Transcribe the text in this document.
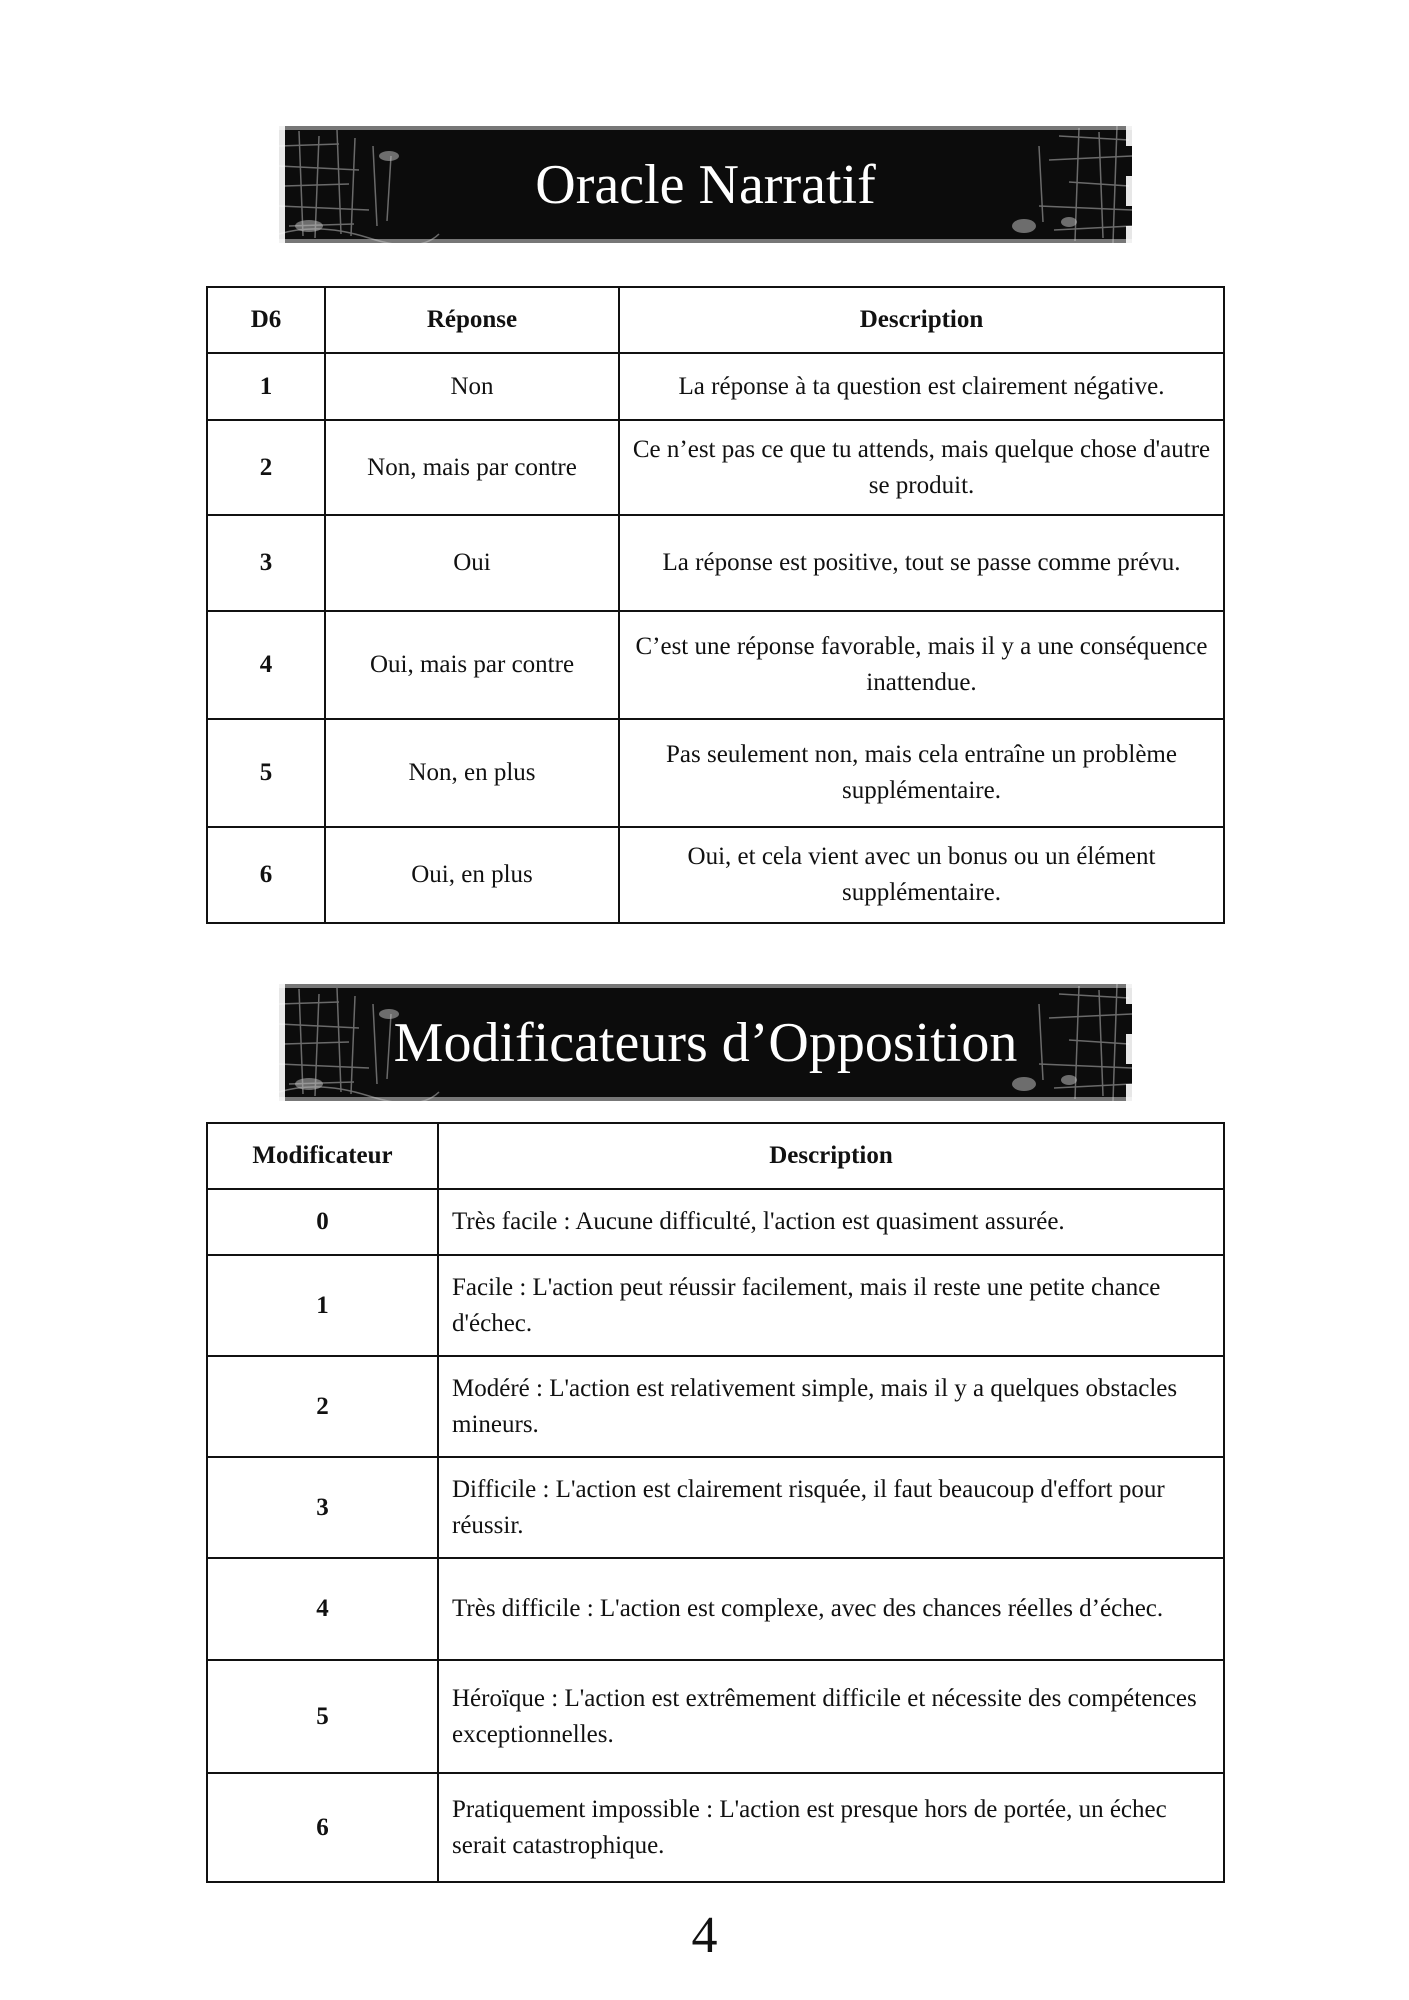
Oracle Narratif
D6	Réponse	Description
1	Non	La réponse à ta question est clairement négative.
2	Non, mais par contre	Ce n’est pas ce que tu attends, mais quelque chose d'autre se produit.
3	Oui	La réponse est positive, tout se passe comme prévu.
4	Oui, mais par contre	C’est une réponse favorable, mais il y a une conséquence inattendue.
5	Non, en plus	Pas seulement non, mais cela entraîne un problème supplémentaire.
6	Oui, en plus	Oui, et cela vient avec un bonus ou un élément supplémentaire.
Modificateurs d’Opposition
Modificateur	Description
0	Très facile : Aucune difficulté, l'action est quasiment assurée.
1	Facile : L'action peut réussir facilement, mais il reste une petite chance d'échec.
2	Modéré : L'action est relativement simple, mais il y a quelques obstacles mineurs.
3	Difficile : L'action est clairement risquée, il faut beaucoup d'effort pour réussir.
4	Très difficile : L'action est complexe, avec des chances réelles d’échec.
5	Héroïque : L'action est extrêmement difficile et nécessite des compétences exceptionnelles.
6	Pratiquement impossible : L'action est presque hors de portée, un échec serait catastrophique.
4
